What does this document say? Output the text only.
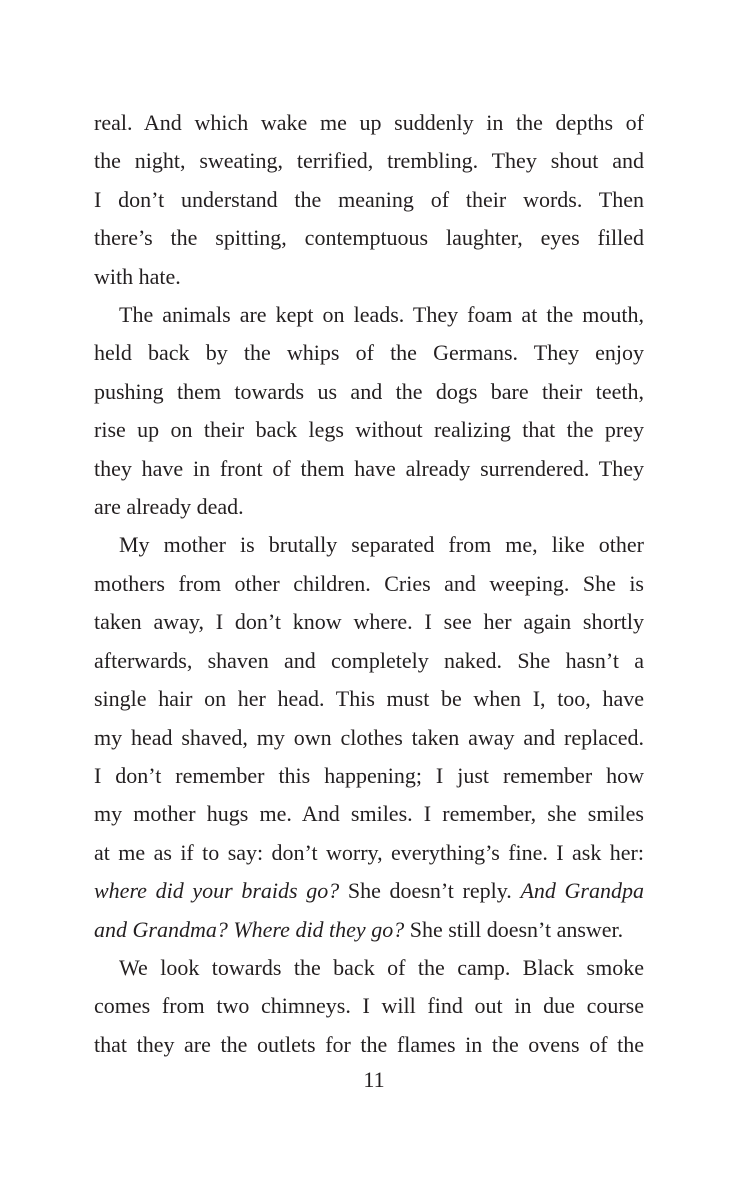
real. And which wake me up suddenly in the depths of
the night, sweating, terrified, trembling. They shout and
I don’t understand the meaning of their words. Then
there’s the spitting, contemptuous laughter, eyes filled
with hate.
The animals are kept on leads. They foam at the mouth,
held back by the whips of the Germans. They enjoy
pushing them towards us and the dogs bare their teeth,
rise up on their back legs without realizing that the prey
they have in front of them have already surrendered. They
are already dead.
My mother is brutally separated from me, like other
mothers from other children. Cries and weeping. She is
taken away, I don’t know where. I see her again shortly
afterwards, shaven and completely naked. She hasn’t a
single hair on her head. This must be when I, too, have
my head shaved, my own clothes taken away and replaced.
I don’t remember this happening; I just remember how
my mother hugs me. And smiles. I remember, she smiles
at me as if to say: don’t worry, everything’s fine. I ask her:
where did your braids go? She doesn’t reply. And Grandpa
and Grandma? Where did they go? She still doesn’t answer.
We look towards the back of the camp. Black smoke
comes from two chimneys. I will find out in due course
that they are the outlets for the flames in the ovens of the
11
